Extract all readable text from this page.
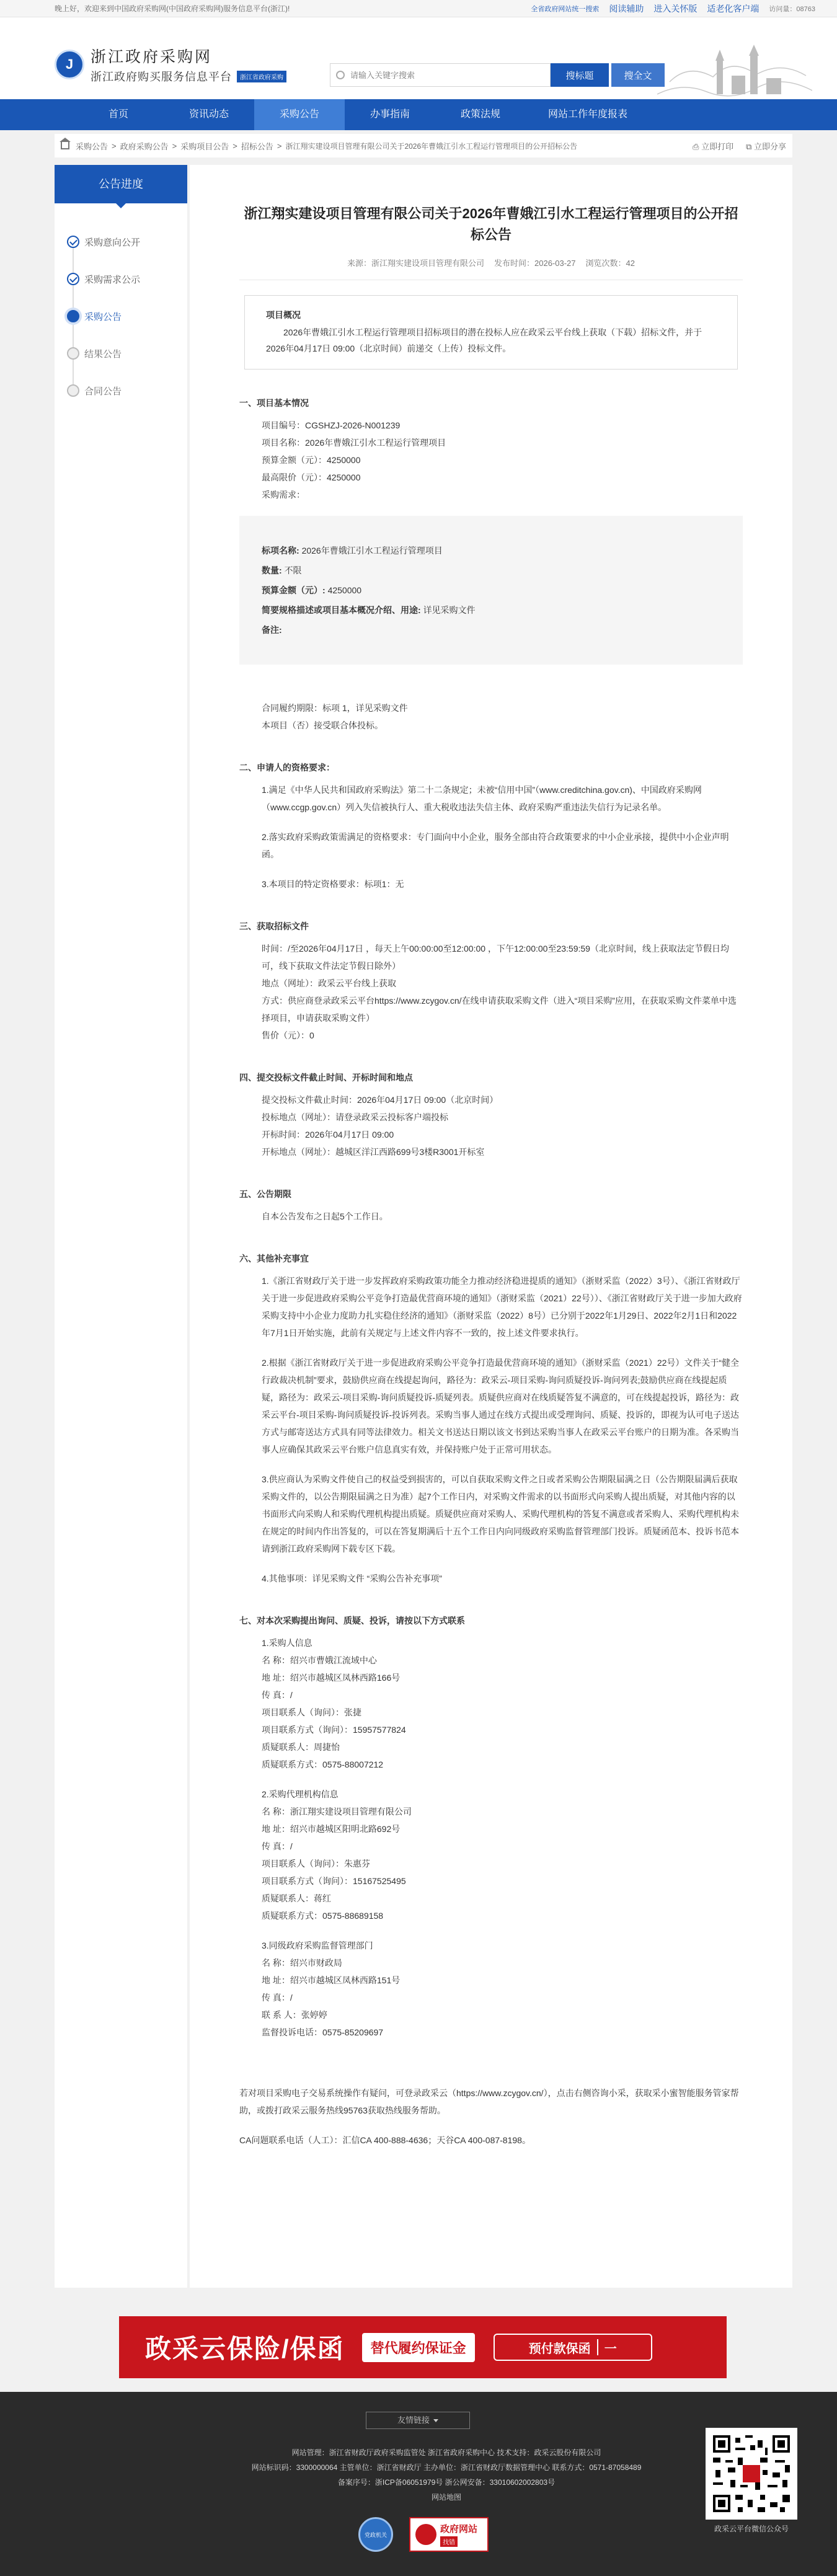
晚上好，欢迎来到中国政府采购网(中国政府采购网)服务信息平台(浙江)!	全省政府网站统一搜索 阅读辅助 进入关怀版 适老化客户端 访问量：08763
J	浙江政府采购网
浙江政府购买服务信息平台	浙江省政府采购
请输入关键字搜索	搜标题	搜全文
首页	资讯动态	采购公告	办事指南	政策法规	网站工作年度报表
采购公告 > 政府采购公告 > 采购项目公告 > 招标公告 > 浙江翔实建设项目管理有限公司关于2026年曹娥江引水工程运行管理项目的公开招标公告	⎙ 立即打印 ⧉ 立即分享
公告进度
采购意向公开
采购需求公示
采购公告
结果公告
合同公告
浙江翔实建设项目管理有限公司关于2026年曹娥江引水工程运行管理项目的公开招标公告
来源：浙江翔实建设项目管理有限公司 发布时间：2026-03-27 浏览次数：42
项目概况

2026年曹娥江引水工程运行管理项目招标项目的潜在投标人应在政采云平台线上获取（下载）招标文件，并于2026年04月17日 09:00（北京时间）前递交（上传）投标文件。

一、项目基本情况
项目编号：CGSHZJ-2026-N001239
项目名称：2026年曹娥江引水工程运行管理项目
预算金额（元）：4250000
最高限价（元）：4250000
采购需求：
标项名称: 2026年曹娥江引水工程运行管理项目
数量: 不限
预算金额（元）: 4250000
简要规格描述或项目基本概况介绍、用途: 详见采购文件
备注:
合同履约期限：标项 1，详见采购文件
本项目（否）接受联合体投标。
二、申请人的资格要求：

1.满足《中华人民共和国政府采购法》第二十二条规定；未被“信用中国”（www.creditchina.gov.cn)、中国政府采购网（www.ccgp.gov.cn）列入失信被执行人、重大税收违法失信主体、政府采购严重违法失信行为记录名单。

2.落实政府采购政策需满足的资格要求：专门面向中小企业，服务全部由符合政策要求的中小企业承接，提供中小企业声明函。

3.本项目的特定资格要求：标项1：无

三、获取招标文件

时间：/至2026年04月17日 ，每天上午00:00:00至12:00:00 ，下午12:00:00至23:59:59（北京时间，线上获取法定节假日均可，线下获取文件法定节假日除外）

地点（网址）：政采云平台线上获取

方式：供应商登录政采云平台https://www.zcygov.cn/在线申请获取采购文件（进入“项目采购”应用，在获取采购文件菜单中选择项目，申请获取采购文件）

售价（元）：0

四、提交投标文件截止时间、开标时间和地点
提交投标文件截止时间：2026年04月17日 09:00（北京时间）
投标地点（网址）：请登录政采云投标客户端投标
开标时间：2026年04月17日 09:00
开标地点（网址）：越城区洋江西路699号3楼R3001开标室
五、公告期限
自本公告发布之日起5个工作日。
六、其他补充事宜

1.《浙江省财政厅关于进一步发挥政府采购政策功能全力推动经济稳进提质的通知》（浙财采监（2022）3号）、《浙江省财政厅关于进一步促进政府采购公平竞争打造最优营商环境的通知》（浙财采监（2021）22号））、《浙江省财政厅关于进一步加大政府采购支持中小企业力度助力扎实稳住经济的通知》（浙财采监（2022）8号）已分别于2022年1月29日、2022年2月1日和2022年7月1日开始实施，此前有关规定与上述文件内容不一致的，按上述文件要求执行。

2.根据《浙江省财政厅关于进一步促进政府采购公平竞争打造最优营商环境的通知》（浙财采监（2021）22号）文件关于“健全行政裁决机制”要求，鼓励供应商在线提起询问，路径为：政采云-项目采购-询问质疑投诉-询问列表;鼓励供应商在线提起质疑，路径为：政采云-项目采购-询问质疑投诉-质疑列表。质疑供应商对在线质疑答复不满意的，可在线提起投诉，路径为：政采云平台-项目采购-询问质疑投诉-投诉列表。采购当事人通过在线方式提出或受理询问、质疑、投诉的，即视为认可电子送达方式与邮寄送达方式具有同等法律效力。相关文书送达日期以该文书到达采购当事人在政采云平台账户的日期为准。各采购当事人应确保其政采云平台账户信息真实有效，并保持账户处于正常可用状态。

3.供应商认为采购文件使自己的权益受到损害的，可以自获取采购文件之日或者采购公告期限届满之日（公告期限届满后获取采购文件的，以公告期限届满之日为准）起7个工作日内，对采购文件需求的以书面形式向采购人提出质疑，对其他内容的以书面形式向采购人和采购代理机构提出质疑。质疑供应商对采购人、采购代理机构的答复不满意或者采购人、采购代理机构未在规定的时间内作出答复的，可以在答复期满后十五个工作日内向同级政府采购监督管理部门投诉。质疑函范本、投诉书范本请到浙江政府采购网下载专区下载。

4.其他事项：详见采购文件 “采购公告补充事项”

七、对本次采购提出询问、质疑、投诉，请按以下方式联系
1.采购人信息
名 称：绍兴市曹娥江流域中心
地 址：绍兴市越城区凤林西路166号
传 真：/
项目联系人（询问）：张捷
项目联系方式（询问）：15957577824
质疑联系人：周捷怡
质疑联系方式：0575-88007212
2.采购代理机构信息
名 称：浙江翔实建设项目管理有限公司
地 址：绍兴市越城区阳明北路692号
传 真：/
项目联系人（询问）：朱惠芬
项目联系方式（询问）：15167525495
质疑联系人：蒋红
质疑联系方式：0575-88689158
3.同级政府采购监督管理部门
名 称：绍兴市财政局
地 址：绍兴市越城区凤林西路151号
传 真：/
联 系 人：张婷婷
监督投诉电话：0575-85209697

若对项目采购电子交易系统操作有疑问，可登录政采云（https://www.zcygov.cn/），点击右侧咨询小采，获取采小蜜智能服务管家帮助，或拨打政采云服务热线95763获取热线服务帮助。

CA问题联系电话（人工）：汇信CA 400-888-4636；天谷CA 400-087-8198。

政采云保险/保函	替代履约保证金	预付款保函 一
友情链接
网站管理：浙江省财政厅政府采购监管处 浙江省政府采购中心 技术支持：政采云股份有限公司
网站标识码：3300000064 主管单位：浙江省财政厅 主办单位：浙江省财政厅数据管理中心 联系方式：0571-87058489
备案序号：浙ICP备06051979号 浙公网安备：33010602002803号
网站地图
党政机关
政府网站
找错
政采云平台微信公众号
